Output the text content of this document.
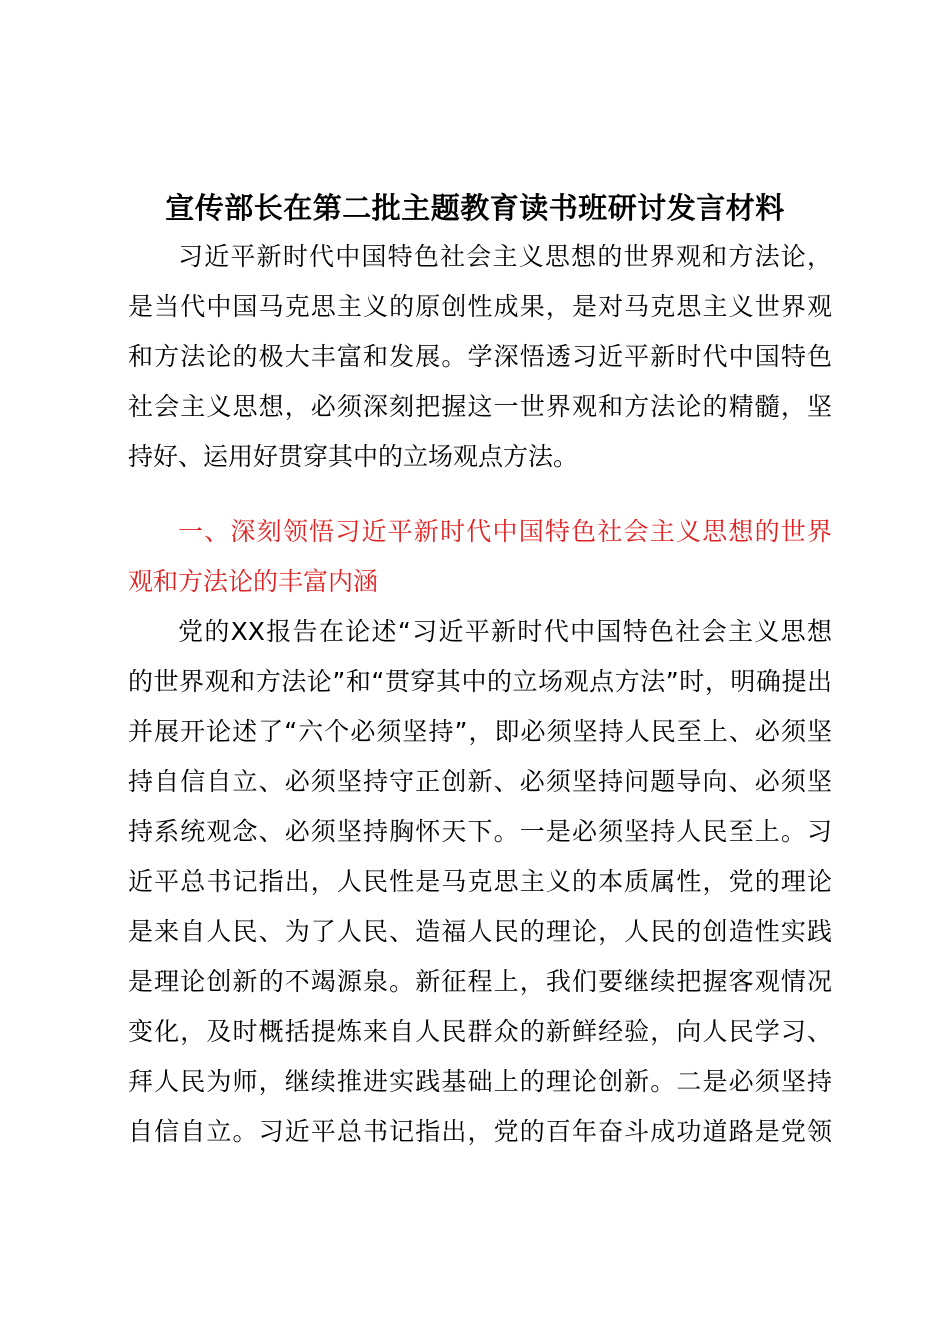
宣传部长在第二批主题教育读书班研讨发言材料
习近平新时代中国特色社会主义思想的世界观和方法论，
是当代中国马克思主义的原创性成果，是对马克思主义世界观
和方法论的极大丰富和发展。学深悟透习近平新时代中国特色
社会主义思想，必须深刻把握这一世界观和方法论的精髓，坚
持好、运用好贯穿其中的立场观点方法。
一、深刻领悟习近平新时代中国特色社会主义思想的世界
观和方法论的丰富内涵
党的XX报告在论述“习近平新时代中国特色社会主义思想
的世界观和方法论”和“贯穿其中的立场观点方法”时，明确提出
并展开论述了“六个必须坚持”，即必须坚持人民至上、必须坚
持自信自立、必须坚持守正创新、必须坚持问题导向、必须坚
持系统观念、必须坚持胸怀天下。一是必须坚持人民至上。习
近平总书记指出，人民性是马克思主义的本质属性，党的理论
是来自人民、为了人民、造福人民的理论，人民的创造性实践
是理论创新的不竭源泉。新征程上，我们要继续把握客观情况
变化，及时概括提炼来自人民群众的新鲜经验，向人民学习、
拜人民为师，继续推进实践基础上的理论创新。二是必须坚持
自信自立。习近平总书记指出，党的百年奋斗成功道路是党领
